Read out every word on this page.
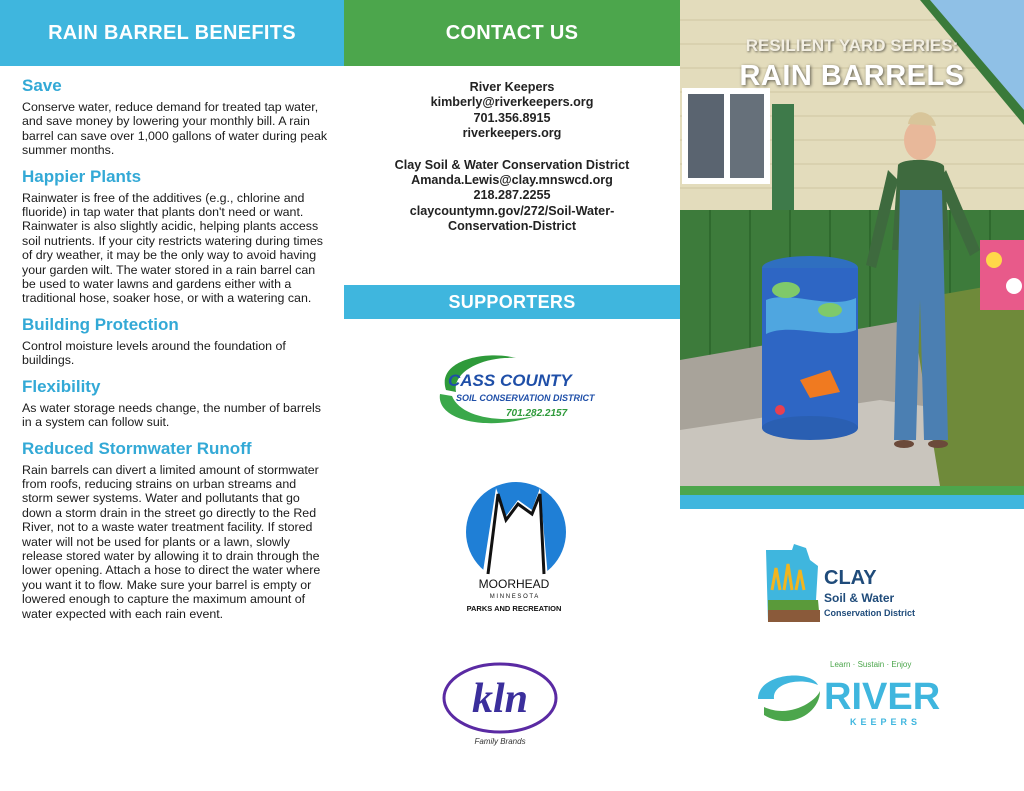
RAIN BARREL BENEFITS
Save

Conserve water, reduce demand for treated tap water, and save money by lowering your monthly bill. A rain barrel can save over 1,000 gallons of water during peak summer months.

Happier Plants

Rainwater is free of the additives (e.g., chlorine and fluoride) in tap water that plants don't need or want. Rainwater is also slightly acidic, helping plants access soil nutrients. If your city restricts watering during times of dry weather, it may be the only way to avoid having your garden wilt. The water stored in a rain barrel can be used to water lawns and gardens either with a traditional hose, soaker hose, or with a watering can.

Building Protection

Control moisture levels around the foundation of buildings.

Flexibility

As water storage needs change, the number of barrels in a system can follow suit.

Reduced Stormwater Runoff

Rain barrels can divert a limited amount of stormwater from roofs, reducing strains on urban streams and storm sewer systems. Water and pollutants that go down a storm drain in the street go directly to the Red River, not to a waste water treatment facility. If stored water will not be used for plants or a lawn, slowly release stored water by allowing it to drain through the lower opening. Attach a hose to direct the water where you want it to flow. Make sure your barrel is empty or lowered enough to capture the maximum amount of water expected with each rain event.

CONTACT US
River Keepers
kimberly@riverkeepers.org
701.356.8915
riverkeepers.org
Clay Soil & Water Conservation District
Amanda.Lewis@clay.mnswcd.org
218.287.2255
claycountymn.gov/272/Soil-Water-
Conservation-District
SUPPORTERS
CASS COUNTY
SOIL CONSERVATION DISTRICT
701.282.2157
MOORHEAD
M I N N E S O T A
PARKS AND RECREATION
kln
Family Brands
RESILIENT YARD SERIES:
RAIN BARRELS
CLAY
Soil & Water
Conservation District
Learn · Sustain · Enjoy
RIVER
KEEPERS
